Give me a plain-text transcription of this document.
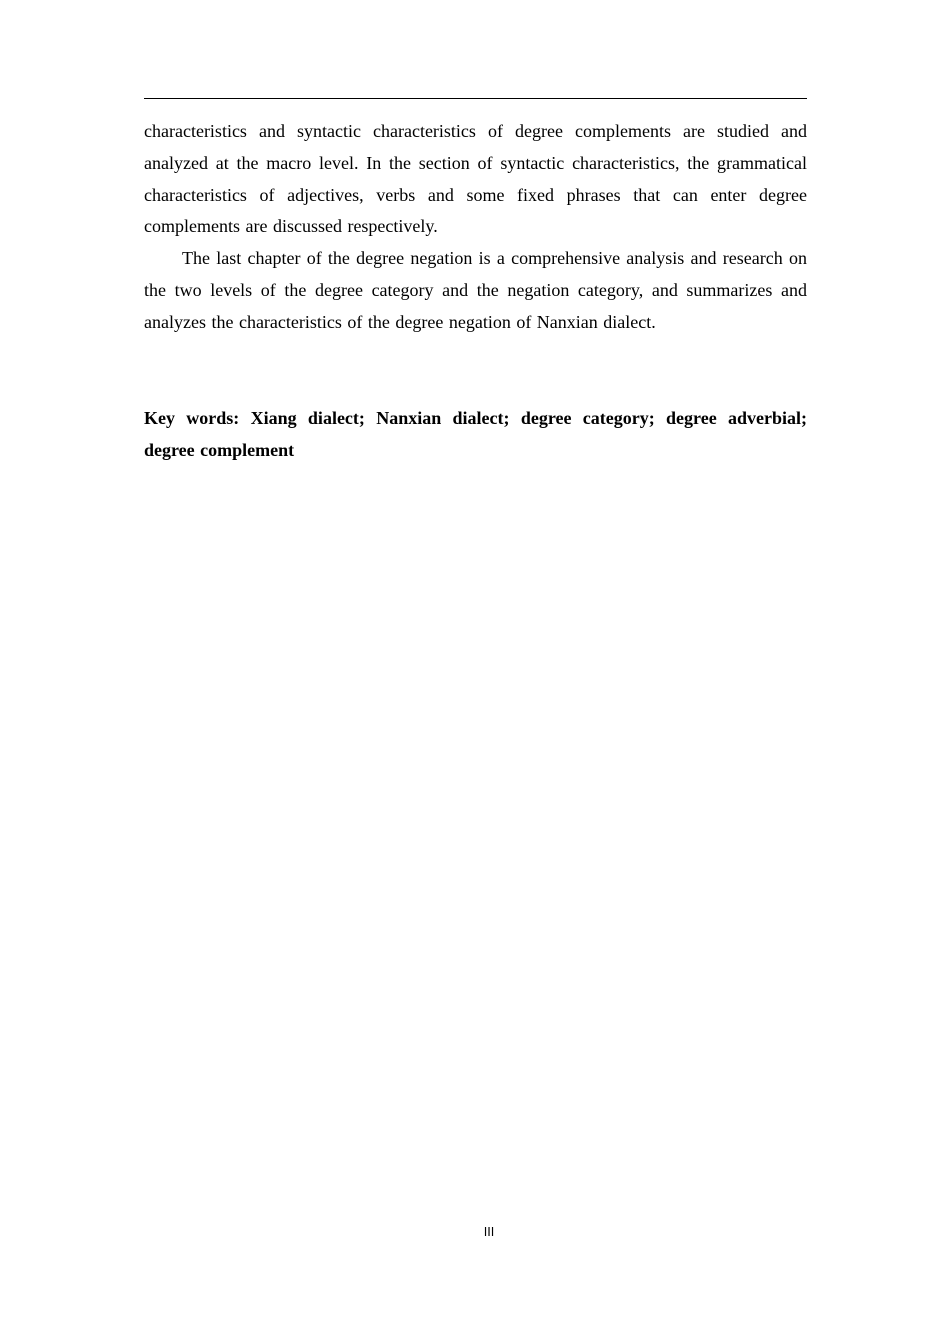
characteristics and syntactic characteristics of degree complements are studied and analyzed at the macro level. In the section of syntactic characteristics, the grammatical characteristics of adjectives, verbs and some fixed phrases that can enter degree complements are discussed respectively.

The last chapter of the degree negation is a comprehensive analysis and research on the two levels of the degree category and the negation category, and summarizes and analyzes the characteristics of the degree negation of Nanxian dialect.

Key words: Xiang dialect; Nanxian dialect; degree category; degree adverbial; degree complement
III
